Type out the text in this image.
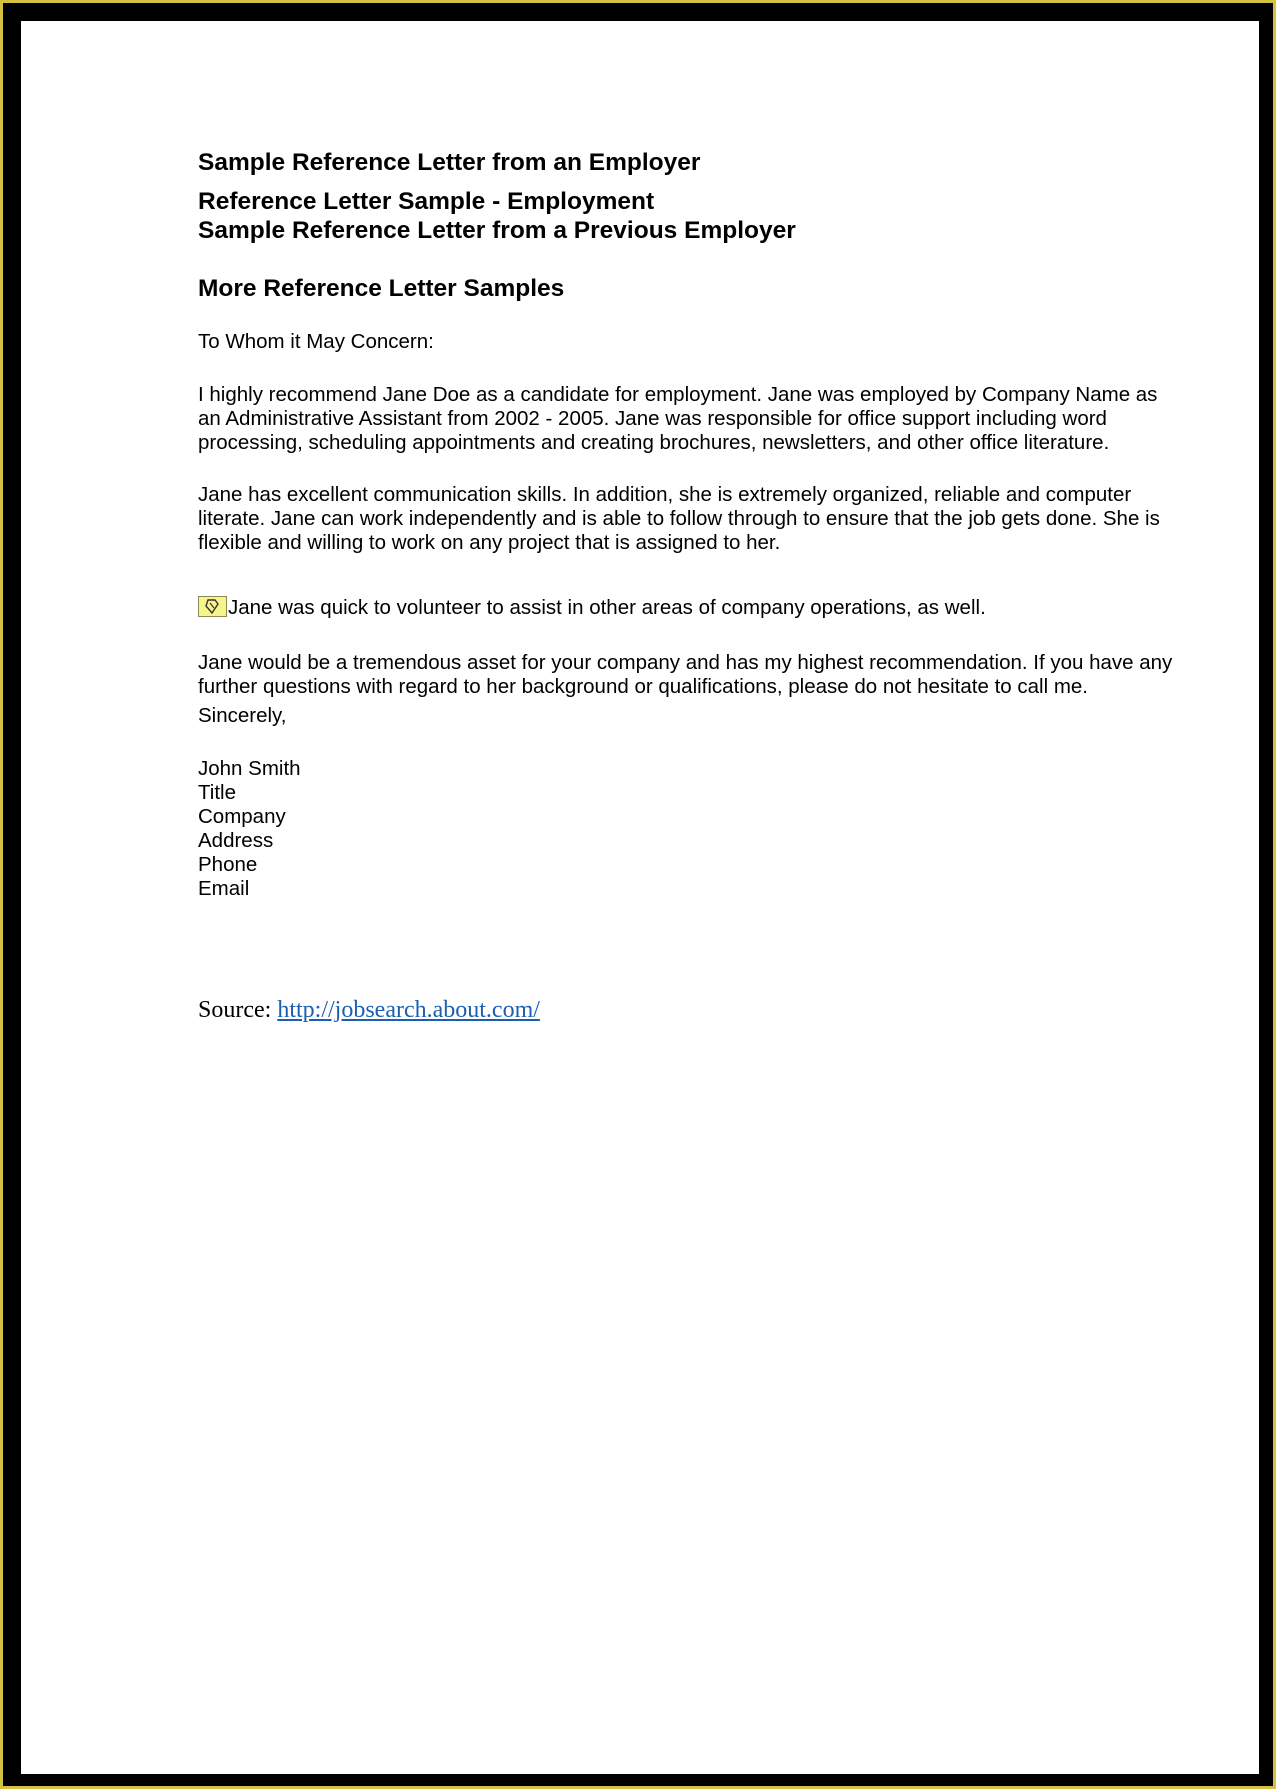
Sample Reference Letter from an Employer
Reference Letter Sample - Employment
Sample Reference Letter from a Previous Employer
More Reference Letter Samples

To Whom it May Concern:

I highly recommend Jane Doe as a candidate for employment. Jane was employed by Company Name as an Administrative Assistant from 2002 - 2005. Jane was responsible for office support including word processing, scheduling appointments and creating brochures, newsletters, and other office literature.

Jane has excellent communication skills. In addition, she is extremely organized, reliable and computer literate. Jane can work independently and is able to follow through to ensure that the job gets done. She is flexible and willing to work on any project that is assigned to her.

Jane was quick to volunteer to assist in other areas of company operations, as well.

Jane would be a tremendous asset for your company and has my highest recommendation. If you have any further questions with regard to her background or qualifications, please do not hesitate to call me.

Sincerely,

John Smith
Title
Company
Address
Phone
Email
Source: http://jobsearch.about.com/
